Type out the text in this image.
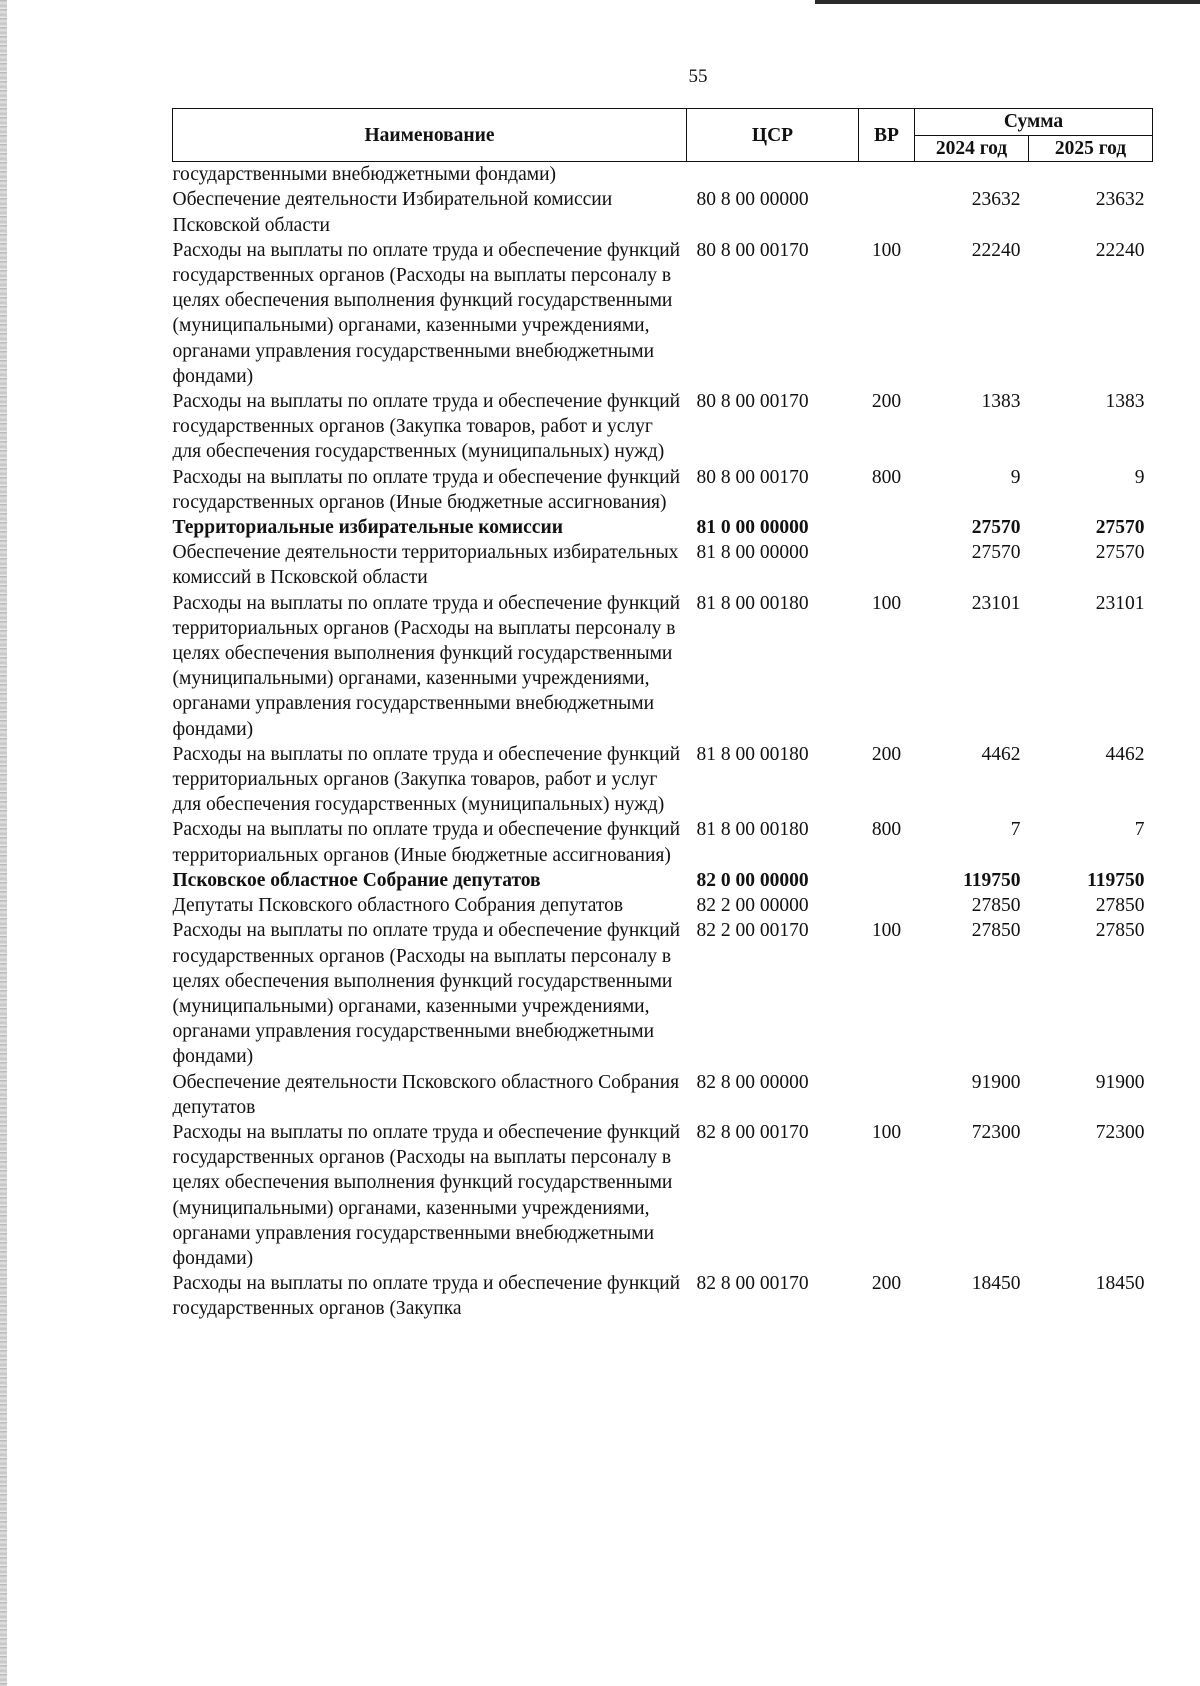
55
Наименование	ЦСР	ВР	Сумма	
			2024 год	2025 год
государственными внебюджетными фондами)				
Обеспечение деятельности Избирательной комиссии Псковской области	80 8 00 00000		23632	23632
Расходы на выплаты по оплате труда и обеспечение функций государственных органов (Расходы на выплаты персоналу в целях обеспечения выполнения функций государственными (муниципальными) органами, казенными учреждениями, органами управления государственными внебюджетными фондами)	80 8 00 00170	100	22240	22240
Расходы на выплаты по оплате труда и обеспечение функций государственных органов (Закупка товаров, работ и услуг для обеспечения государственных (муниципальных) нужд)	80 8 00 00170	200	1383	1383
Расходы на выплаты по оплате труда и обеспечение функций государственных органов (Иные бюджетные ассигнования)	80 8 00 00170	800	9	9
Территориальные избирательные комиссии	81 0 00 00000		27570	27570
Обеспечение деятельности территориальных избирательных комиссий в Псковской области	81 8 00 00000		27570	27570
Расходы на выплаты по оплате труда и обеспечение функций территориальных органов (Расходы на выплаты персоналу в целях обеспечения выполнения функций государственными (муниципальными) органами, казенными учреждениями, органами управления государственными внебюджетными фондами)	81 8 00 00180	100	23101	23101
Расходы на выплаты по оплате труда и обеспечение функций территориальных органов (Закупка товаров, работ и услуг для обеспечения государственных (муниципальных) нужд)	81 8 00 00180	200	4462	4462
Расходы на выплаты по оплате труда и обеспечение функций территориальных органов (Иные бюджетные ассигнования)	81 8 00 00180	800	7	7
Псковское областное Собрание депутатов	82 0 00 00000		119750	119750
Депутаты Псковского областного Собрания депутатов	82 2 00 00000		27850	27850
Расходы на выплаты по оплате труда и обеспечение функций государственных органов (Расходы на выплаты персоналу в целях обеспечения выполнения функций государственными (муниципальными) органами, казенными учреждениями, органами управления государственными внебюджетными фондами)	82 2 00 00170	100	27850	27850
Обеспечение деятельности Псковского областного Собрания депутатов	82 8 00 00000		91900	91900
Расходы на выплаты по оплате труда и обеспечение функций государственных органов (Расходы на выплаты персоналу в целях обеспечения выполнения функций государственными (муниципальными) органами, казенными учреждениями, органами управления государственными внебюджетными фондами)	82 8 00 00170	100	72300	72300
Расходы на выплаты по оплате труда и обеспечение функций государственных органов (Закупка	82 8 00 00170	200	18450	18450
